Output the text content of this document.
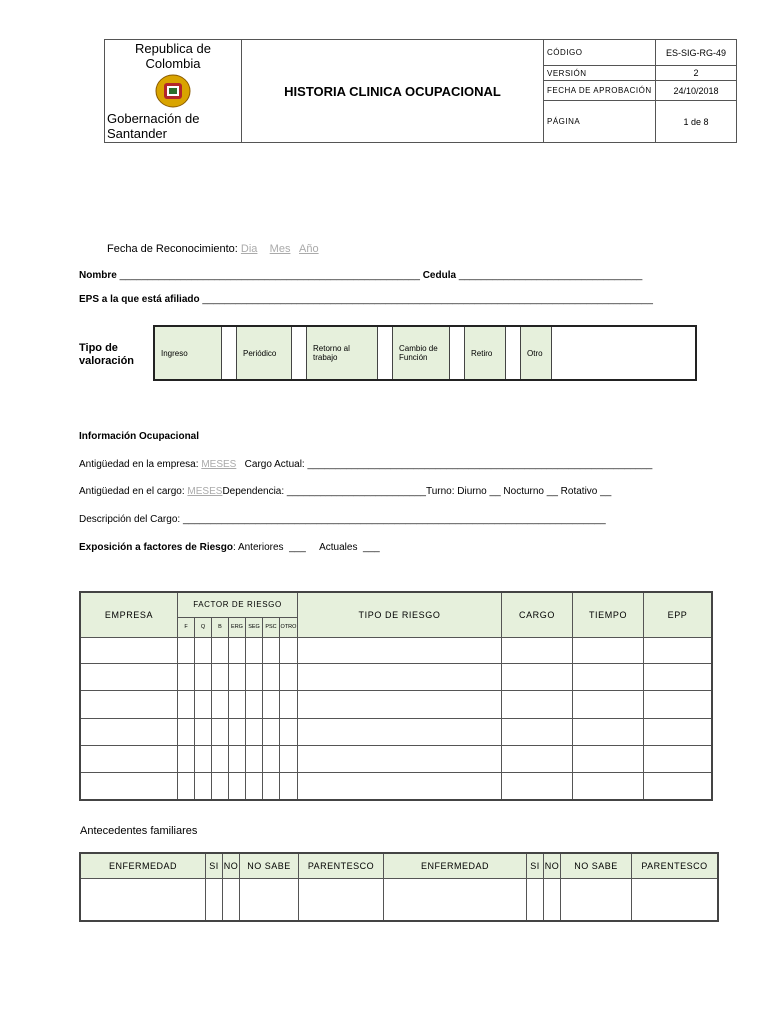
Republica de Colombia
Gobernación de Santander	HISTORIA CLINICA OCUPACIONAL	CÓDIGO	ES-SIG-RG-49
		VERSIÓN	2
		FECHA DE APROBACIÓN	24/10/2018
		PÁGINA	1 de 8
Fecha de Reconocimiento: Dia Mes Año
Nombre ______________________________________________________ Cedula _________________________________
EPS a la que está afiliado _________________________________________________________________________________
Tipo de valoración
Ingreso		Periódico		Retorno al trabajo		Cambio de Función		Retiro		Otro	
Información Ocupacional
Antigüedad en la empresa: MESES Cargo Actual: ______________________________________________________________
Antigüedad en el cargo: MESESDependencia: _________________________Turno: Diurno __ Nocturno __ Rotativo __
Descripción del Cargo: ____________________________________________________________________________
Exposición a factores de Riesgo: Anteriores  ___     Actuales  ___
EMPRESA	FACTOR DE RIESGO							TIPO DE RIESGO	CARGO	TIEMPO	EPP
	F	Q	B	ERG	SEG	PSC	OTRO				

Antecedentes familiares
ENFERMEDAD	SI	NO	NO SABE	PARENTESCO	ENFERMEDAD	SI	NO	NO SABE	PARENTESCO
